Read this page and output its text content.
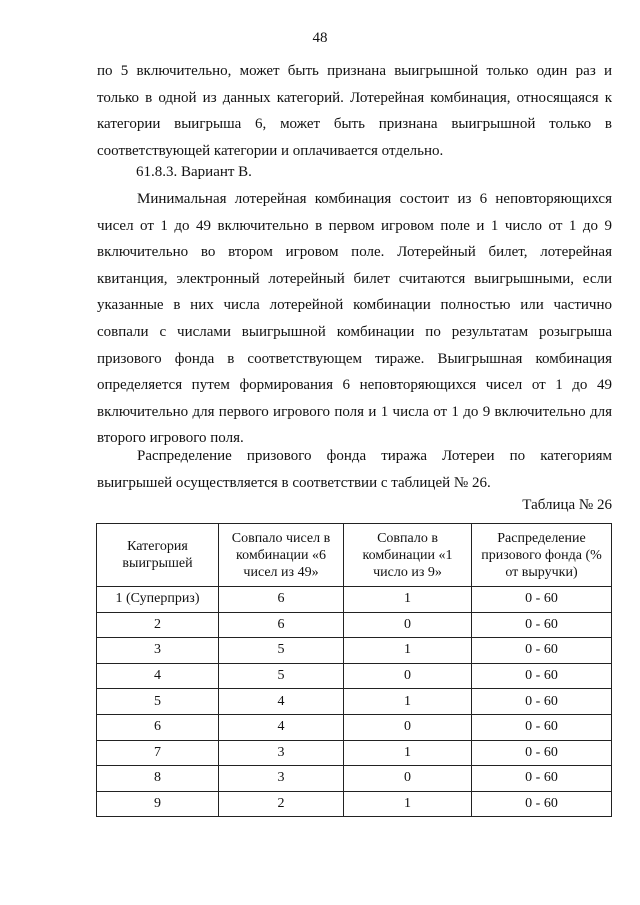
48

по 5 включительно, может быть признана выигрышной только один раз и только в одной из данных категорий. Лотерейная комбинация, относящаяся к категории выигрыша 6, может быть признана выигрышной только в соответствующей категории и оплачивается отдельно.

61.8.3. Вариант В.

Минимальная лотерейная комбинация состоит из 6 неповторяющихся чисел от 1 до 49 включительно в первом игровом поле и 1 число от 1 до 9 включительно во втором игровом поле. Лотерейный билет, лотерейная квитанция, электронный лотерейный билет считаются выигрышными, если указанные в них числа лотерейной комбинации полностью или частично совпали с числами выигрышной комбинации по результатам розыгрыша призового фонда в соответствующем тираже. Выигрышная комбинация определяется путем формирования 6 неповторяющихся чисел от 1 до 49 включительно для первого игрового поля и 1 числа от 1 до 9 включительно для второго игрового поля.

Распределение призового фонда тиража Лотереи по категориям выигрышей осуществляется в соответствии с таблицей № 26.

Таблица № 26
Категория выигрышей	Совпало чисел в комбинации «6 чисел из 49»	Совпало в комбинации «1 число из 9»	Распределение призового фонда (% от выручки)
1 (Суперприз)	6	1	0 - 60
2	6	0	0 - 60
3	5	1	0 - 60
4	5	0	0 - 60
5	4	1	0 - 60
6	4	0	0 - 60
7	3	1	0 - 60
8	3	0	0 - 60
9	2	1	0 - 60
